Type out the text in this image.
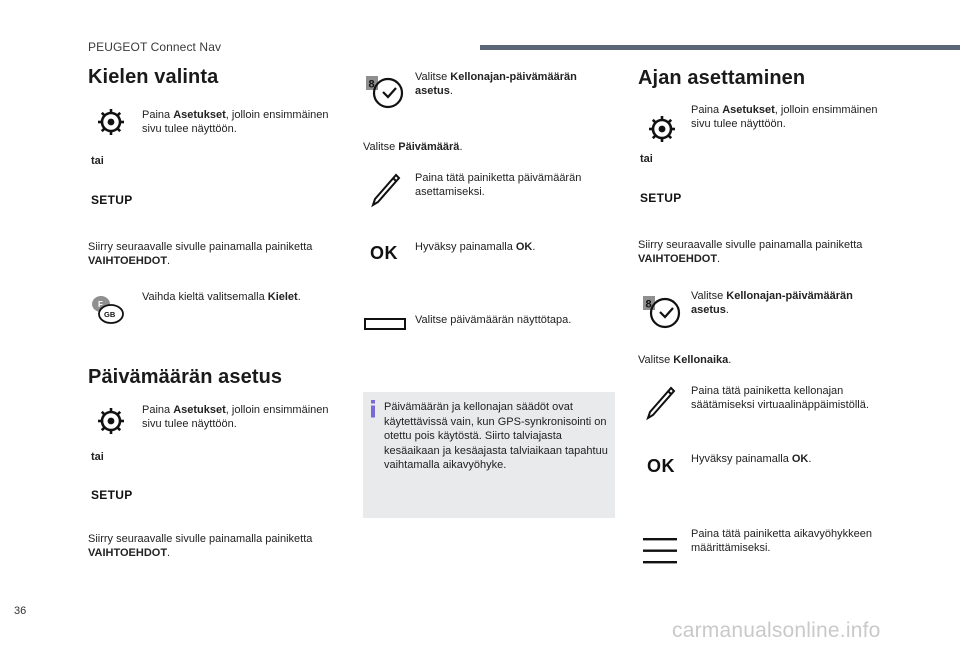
PEUGEOT Connect Nav
Kielen valinta
Paina Asetukset, jolloin ensimmäinen sivu tulee näyttöön.
tai
SETUP
Siirry seuraavalle sivulle painamalla painiketta VAIHTOEHDOT.
F
GB
Vaihda kieltä valitsemalla Kielet.
Päivämäärän asetus
Paina Asetukset, jolloin ensimmäinen sivu tulee näyttöön.
tai
SETUP
Siirry seuraavalle sivulle painamalla painiketta VAIHTOEHDOT.
8
Valitse Kellonajan-päivämäärän asetus.
Valitse Päivämäärä.
Paina tätä painiketta päivämäärän asettamiseksi.
OK Hyväksy painamalla OK.
Valitse päivämäärän näyttötapa.
Päivämäärän ja kellonajan säädöt ovat käytettävissä vain, kun GPS-synkronisointi on otettu pois käytöstä. Siirto talviajasta kesäaikaan ja kesäajasta talviaikaan tapahtuu vaihtamalla aikavyöhyke.
Ajan asettaminen
Paina Asetukset, jolloin ensimmäinen sivu tulee näyttöön.
tai
SETUP
Siirry seuraavalle sivulle painamalla painiketta VAIHTOEHDOT.
8
Valitse Kellonajan-päivämäärän asetus.
Valitse Kellonaika.
Paina tätä painiketta kellonajan säätämiseksi virtuaalinäppäimistöllä.
OK Hyväksy painamalla OK.
Paina tätä painiketta aikavyöhykkeen määrittämiseksi.
36
carmanualsonline.info
